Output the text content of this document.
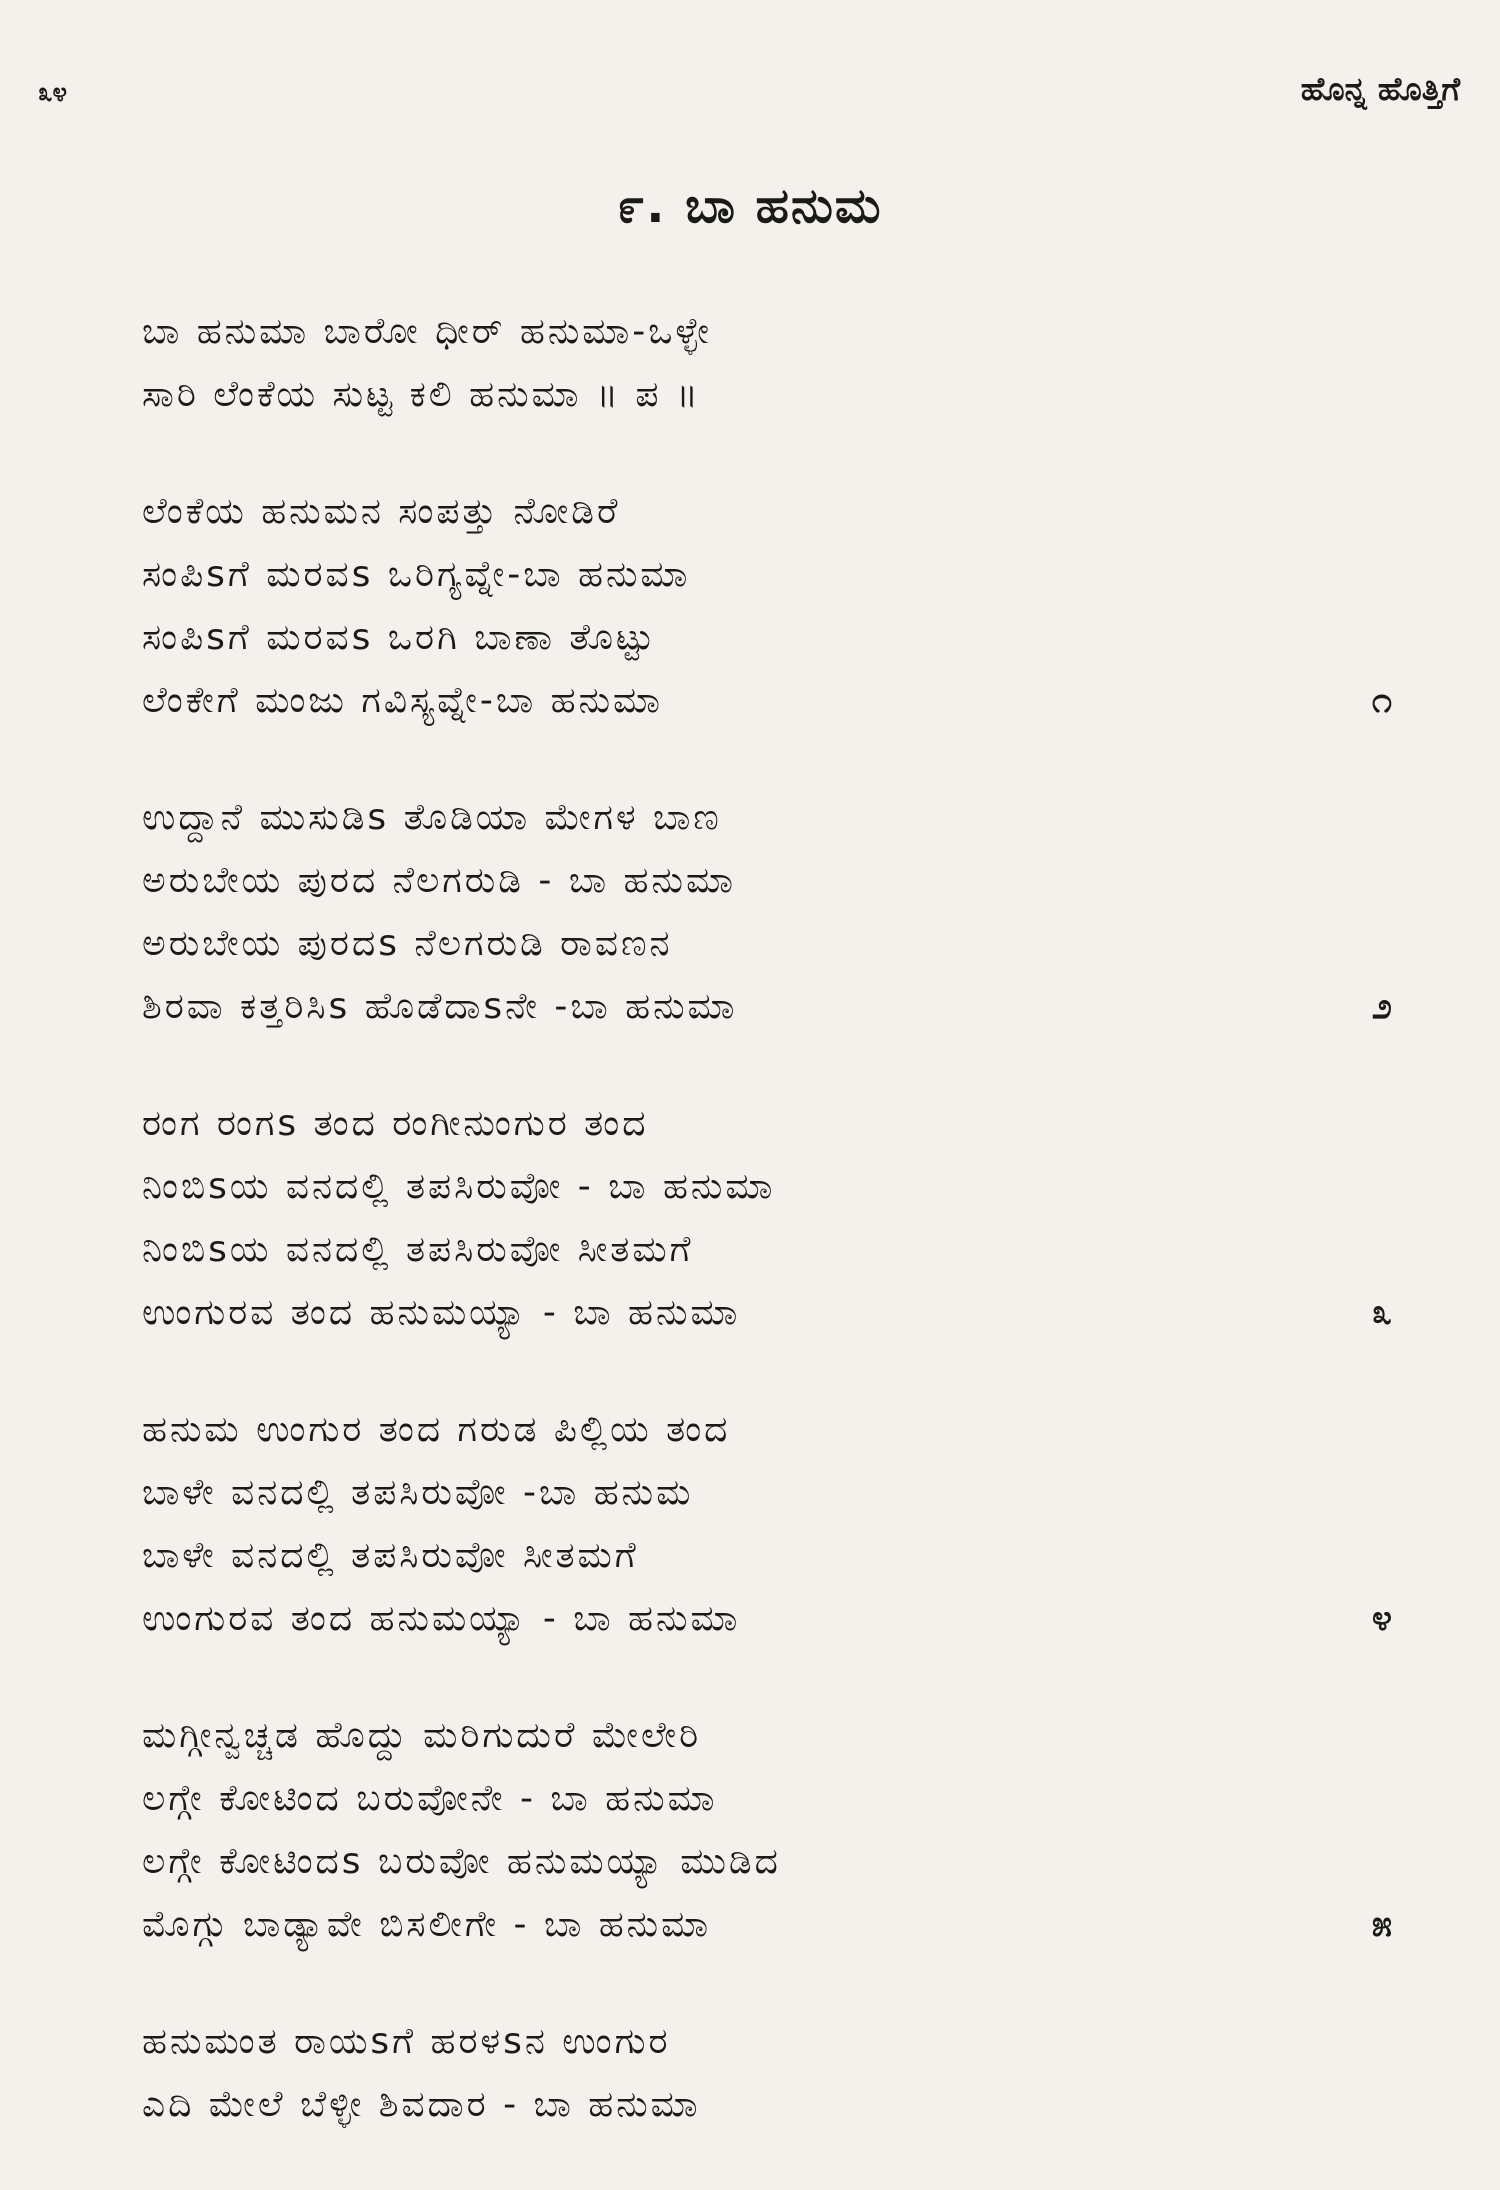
೩೪	ಹೊನ್ನ ಹೊತ್ತಿಗೆ
೯. ಬಾ ಹನುಮ
ಬಾ ಹನುಮಾ ಬಾರೋ ಧೀರ್ ಹನುಮಾ-ಒಳ್ಳೇ
ಸಾರಿ ಲೆಂಕೆಯ ಸುಟ್ಟ ಕಲಿ ಹನುಮಾ ॥ ಪ ॥
ಲೆಂಕೆಯ ಹನುಮನ ಸಂಪತ್ತು ನೋಡಿರೆ
ಸಂಪಿsಗೆ ಮರವs ಒರಿಗ್ಯವ್ನೇ-ಬಾ ಹನುಮಾ
ಸಂಪಿsಗೆ ಮರವs ಒರಗಿ ಬಾಣಾ ತೊಟ್ಟು
ಲೆಂಕೇಗೆ ಮಂಜು ಗವಿಸ್ಯವ್ನೇ-ಬಾ ಹನುಮಾ	೧
ಉದ್ದಾನೆ ಮುಸುಡಿs ತೊಡಿಯಾ ಮೇಗಳ ಬಾಣ
ಅರುಬೇಯ ಪುರದ ನೆಲಗರುಡಿ - ಬಾ ಹನುಮಾ
ಅರುಬೇಯ ಪುರದs ನೆಲಗರುಡಿ ರಾವಣನ
ಶಿರವಾ ಕತ್ತರಿಸಿs ಹೊಡೆದಾsನೇ -ಬಾ ಹನುಮಾ	೨
ರಂಗ ರಂಗs ತಂದ ರಂಗೀನುಂಗುರ ತಂದ
ನಿಂಬಿsಯ ವನದಲ್ಲಿ ತಪಸಿರುವೋ - ಬಾ ಹನುಮಾ
ನಿಂಬಿsಯ ವನದಲ್ಲಿ ತಪಸಿರುವೋ ಸೀತಮಗೆ
ಉಂಗುರವ ತಂದ ಹನುಮಯ್ಯಾ - ಬಾ ಹನುಮಾ	೩
ಹನುಮ ಉಂಗುರ ತಂದ ಗರುಡ ಪಿಲ್ಲಿಯ ತಂದ
ಬಾಳೇ ವನದಲ್ಲಿ ತಪಸಿರುವೋ -ಬಾ ಹನುಮ
ಬಾಳೇ ವನದಲ್ಲಿ ತಪಸಿರುವೋ ಸೀತಮಗೆ
ಉಂಗುರವ ತಂದ ಹನುಮಯ್ಯಾ - ಬಾ ಹನುಮಾ	೪
ಮಗ್ಗೀನ್ವಚ್ಚಡ ಹೊದ್ದು ಮರಿಗುದುರೆ ಮೇಲೇರಿ
ಲಗ್ಗೇ ಕೋಟಿಂದ ಬರುವೋನೇ - ಬಾ ಹನುಮಾ
ಲಗ್ಗೇ ಕೋಟಿಂದs ಬರುವೋ ಹನುಮಯ್ಯಾ ಮುಡಿದ
ಮೊಗ್ಗು ಬಾಡ್ಯಾವೇ ಬಿಸಲೀಗೇ - ಬಾ ಹನುಮಾ	೫
ಹನುಮಂತ ರಾಯsಗೆ ಹರಳsನ ಉಂಗುರ
ಎದಿ ಮೇಲೆ ಬೆಳ್ಳೀ ಶಿವದಾರ - ಬಾ ಹನುಮಾ
